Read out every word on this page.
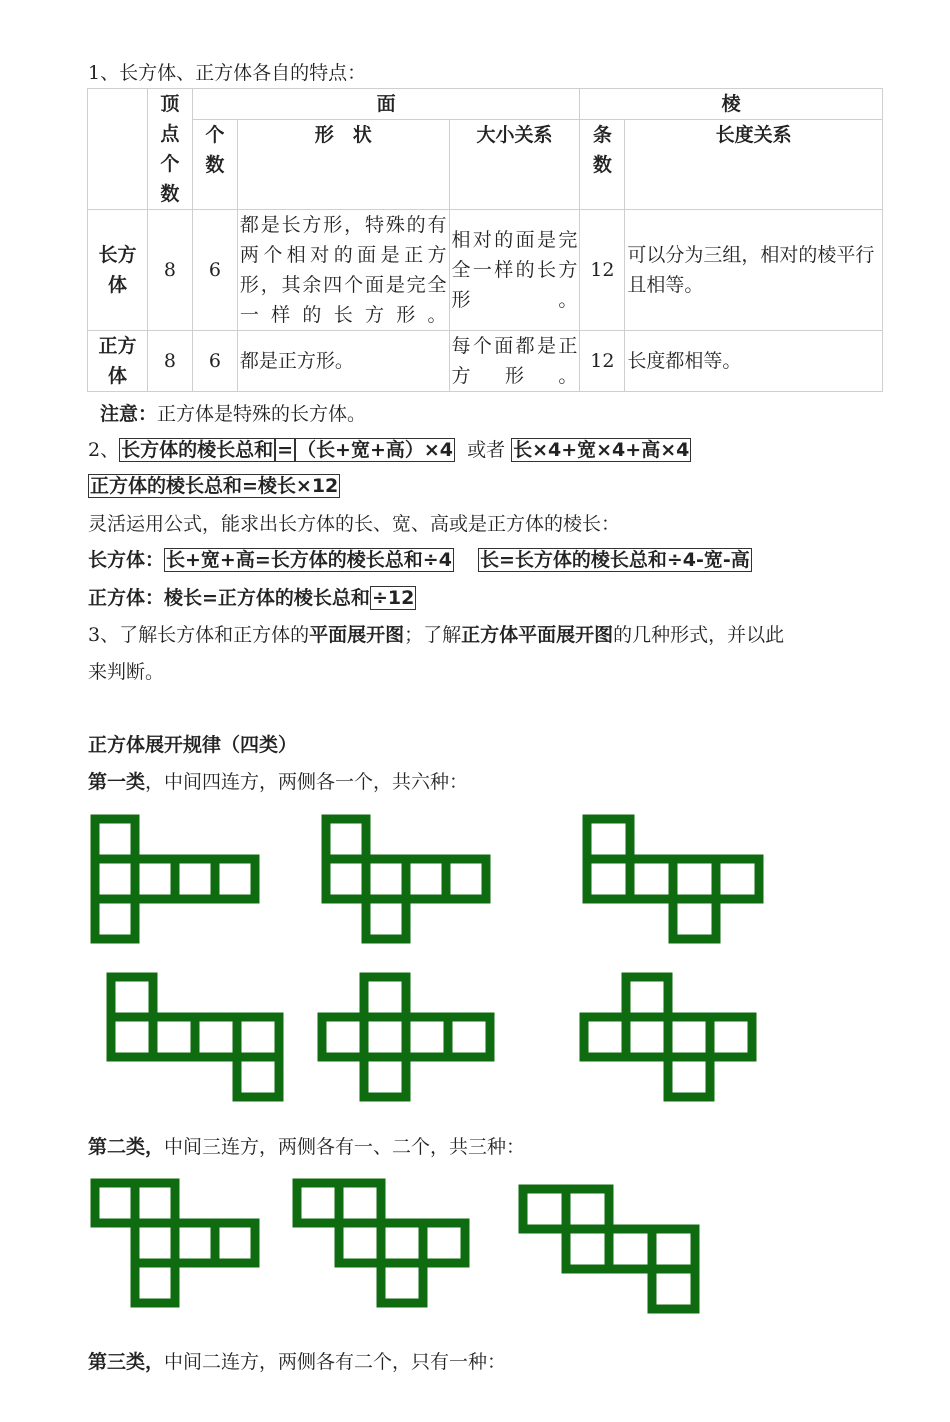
1、长方体、正方体各自的特点：
	顶点个数	面			棱	
		个数	形　状	大小关系	条数	长度关系
长方体	8	6	都是长方形，特殊的有两个相对的面是正方形，其余四个面是完全一样的长方形。	相对的面是完全一样的长方形。	12	可以分为三组，相对的棱平行且相等。
正方体	8	6	都是正方形。	每个面都是正方形。	12	长度都相等。
注意：正方体是特殊的长方体。
2、 长方体的棱长总和 = （长+宽+高）×4 或者 长×4+宽×4+高×4
正方体的棱长总和=棱长×12
灵活运用公式，能求出长方体的长、宽、高或是正方体的棱长：
长方体： 长+宽+高=长方体的棱长总和÷4 长=长方体的棱长总和÷4-宽-高
正方体：棱长=正方体的棱长总和 ÷12
3、了解长方体和正方体的平面展开图；了解正方体平面展开图的几种形式，并以此
来判断。
正方体展开规律（四类）
第一类，中间四连方，两侧各一个，共六种：
第二类，中间三连方，两侧各有一、二个，共三种：
第三类，中间二连方，两侧各有二个，只有一种：
